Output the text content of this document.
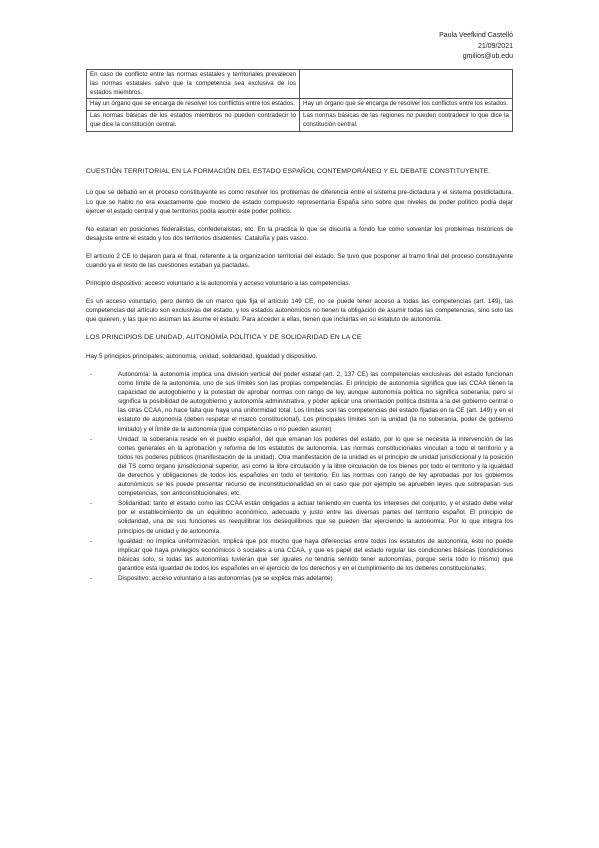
Paula Veefkind Castelló
21/09/2021
gmilios@ub.edu
En caso de conflicto entre las normas estatales y territoriales prevalecen las normas estatales salvo que la competencia sea exclusiva de los estados miembros.	
Hay un órgano que se encarga de resolver los conflictos entre los estados.	Hay un órgano que se encarga de resolver los conflictos entre los estados.
Las normas básicas de los estados miembros no pueden contradecir lo que dice la constitución central.	Las normas básicas de las regiones no pueden contradecir lo que dice la constitución central.
CUESTIÓN TERRITORIAL EN LA FORMACIÓN DEL ESTADO ESPAÑOL CONTEMPORÁNEO Y EL DEBATE CONSTITUYENTE.

Lo que se debatió en el proceso constituyente es como resolver los problemas de diferencia entre el sistema pre-dictadura y el sistema postdictadura. Lo que se hablo no era exactamente que modelo de estado compuesto representaría España sino sobre que niveles de poder político podía dejar ejercer el estado central y que territorios podía asumir este poder político.

No estaran en posiciones federalistas, confederalistas, etc. En la practica lo que se discutía a fondo fue como solventar los problemas históricos de desajuste entre el estado y los dos territorios disidentes: Cataluña y país vasco.

El artículo 2 CE lo dejaron para el final, referente a la organización territorial del estado. Se tuvo que posponer al tramo final del proceso constituyente cuando ya el resto de las cuestiones estaban ya pactadas.

Principio dispositivo: acceso voluntario a la autonomía y acceso voluntario a las competencias.

Es un acceso voluntario, pero dentro de un marco que fija el artículo 149 CE, no se puede tener acceso a todas las competencias (art. 149), las competencias del artículo son exclusivas del estado, y los estados autonómicos no tienen la obligación de asumir todas las competencias, sino solo las que quieren, y las que no asuman las asume el estado. Para acceder a ellas, tienen que incluirlas en su estatuto de autonomía.

LOS PRINCIPIOS DE UNIDAD, AUTONOMÍA POLÍTICA Y DE SOLIDARIDAD EN LA CE

Hay 5 principios principales: autonomía, unidad, solidaridad, igualdad y dispositivo.

-	Autonomía: la autonomía implica una división vertical del poder estatal (art. 2, 137 CE) las competencias exclusivas del estado funcionan como límite de la autonomía, uno de sus límites son las propias competencias. El principio de autonomía significa que las CCAA tienen la capacidad de autogobierno y la potestad de aprobar normas con rango de ley, aunque autonomía política no significa soberanía, pero sí significa la posibilidad de autogobierno y autonomía administrativa, y poder aplicar una orientación política distinta a la del gobierno central o las otras CCAA, no hace falta que haya una uniformidad total. Los límites son las competencias del estado fijadas en la CE (art. 149) y en el estatuto de autonomía (deben respetar el marco constitucional). Los principales límites son la unidad (la no soberanía, poder de gobierno limitado) y el límite de la autonomía (que competencias o no pueden asumir)
-	Unidad: la soberanía reside en el pueblo español, del que emanan los poderes del estado, por lo que se necesita la intervención de las cortes generales en la aprobación y reforma de los estatutos de autonomía. Las normas constitucionales vinculan a todo el territorio y a todos los poderes públicos (manifestación de la unidad). Otra manifestación de la unidad es el principio de unidad jurisdiccional y la posición del TS como órgano jurisdiccional superior, así como la libre circulación y la libre circulación de los bienes por todo el territorio y la igualdad de derechos y obligaciones de todos los españoles en todo el territorio. En las normas con rango de ley aprobadas por los gobiernos autonómicos se les puede presentar recurso de inconstitucionalidad en el caso que por ejemplo se aprueben leyes que sobrepasan sus competencias, son anticonstitucionales, etc.
-	Solidaridad: tanto el estado como las CCAA están obligados a actuar teniendo en cuenta los intereses del conjunto, y el estado debe velar por el establecimiento de un equilibrio económico, adecuado y justo entre las diversas partes del territorio español. El principio de solidaridad, una de sus funciones es reequilibrar los desequilibrios que se pueden dar ejerciendo la autonomía. Por lo que integra los principios de unidad y de autonomía.
-	Igualdad: no implica uniformización. Implica que por mucho que haya diferencias entre todos los estatutos de autonomía, esto no puede implicar que haya privilegios económicos o sociales a una CCAA, y que es papel del estado regular las condiciones básicas (condiciones básicas solo, si todas las autonomías tuvieran que ser iguales no tendría sentido tener autonomías, porque sería todo lo mismo) que garantice esta igualdad de todos los españoles en el ejercicio de los derechos y en el cumplimiento de los deberes constitucionales.
-	Dispositivo: acceso voluntario a las autonomías (ya se explica más adelante)
